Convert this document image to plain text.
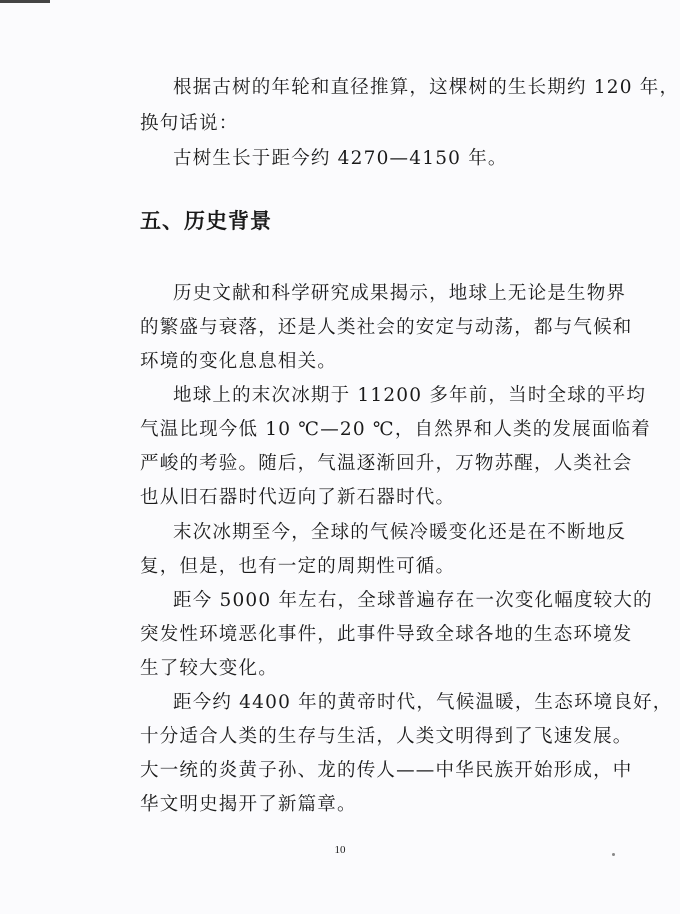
根据古树的年轮和直径推算，这棵树的生长期约 120 年，
换句话说：
古树生长于距今约 4270—4150 年。
五、历史背景
历史文献和科学研究成果揭示，地球上无论是生物界
的繁盛与衰落，还是人类社会的安定与动荡，都与气候和
环境的变化息息相关。
地球上的末次冰期于 11200 多年前，当时全球的平均
气温比现今低 10 ℃—20 ℃，自然界和人类的发展面临着
严峻的考验。随后，气温逐渐回升，万物苏醒，人类社会
也从旧石器时代迈向了新石器时代。
末次冰期至今，全球的气候冷暖变化还是在不断地反
复，但是，也有一定的周期性可循。
距今 5000 年左右，全球普遍存在一次变化幅度较大的
突发性环境恶化事件，此事件导致全球各地的生态环境发
生了较大变化。
距今约 4400 年的黄帝时代，气候温暖，生态环境良好，
十分适合人类的生存与生活，人类文明得到了飞速发展。
大一统的炎黄子孙、龙的传人——中华民族开始形成，中
华文明史揭开了新篇章。
10
